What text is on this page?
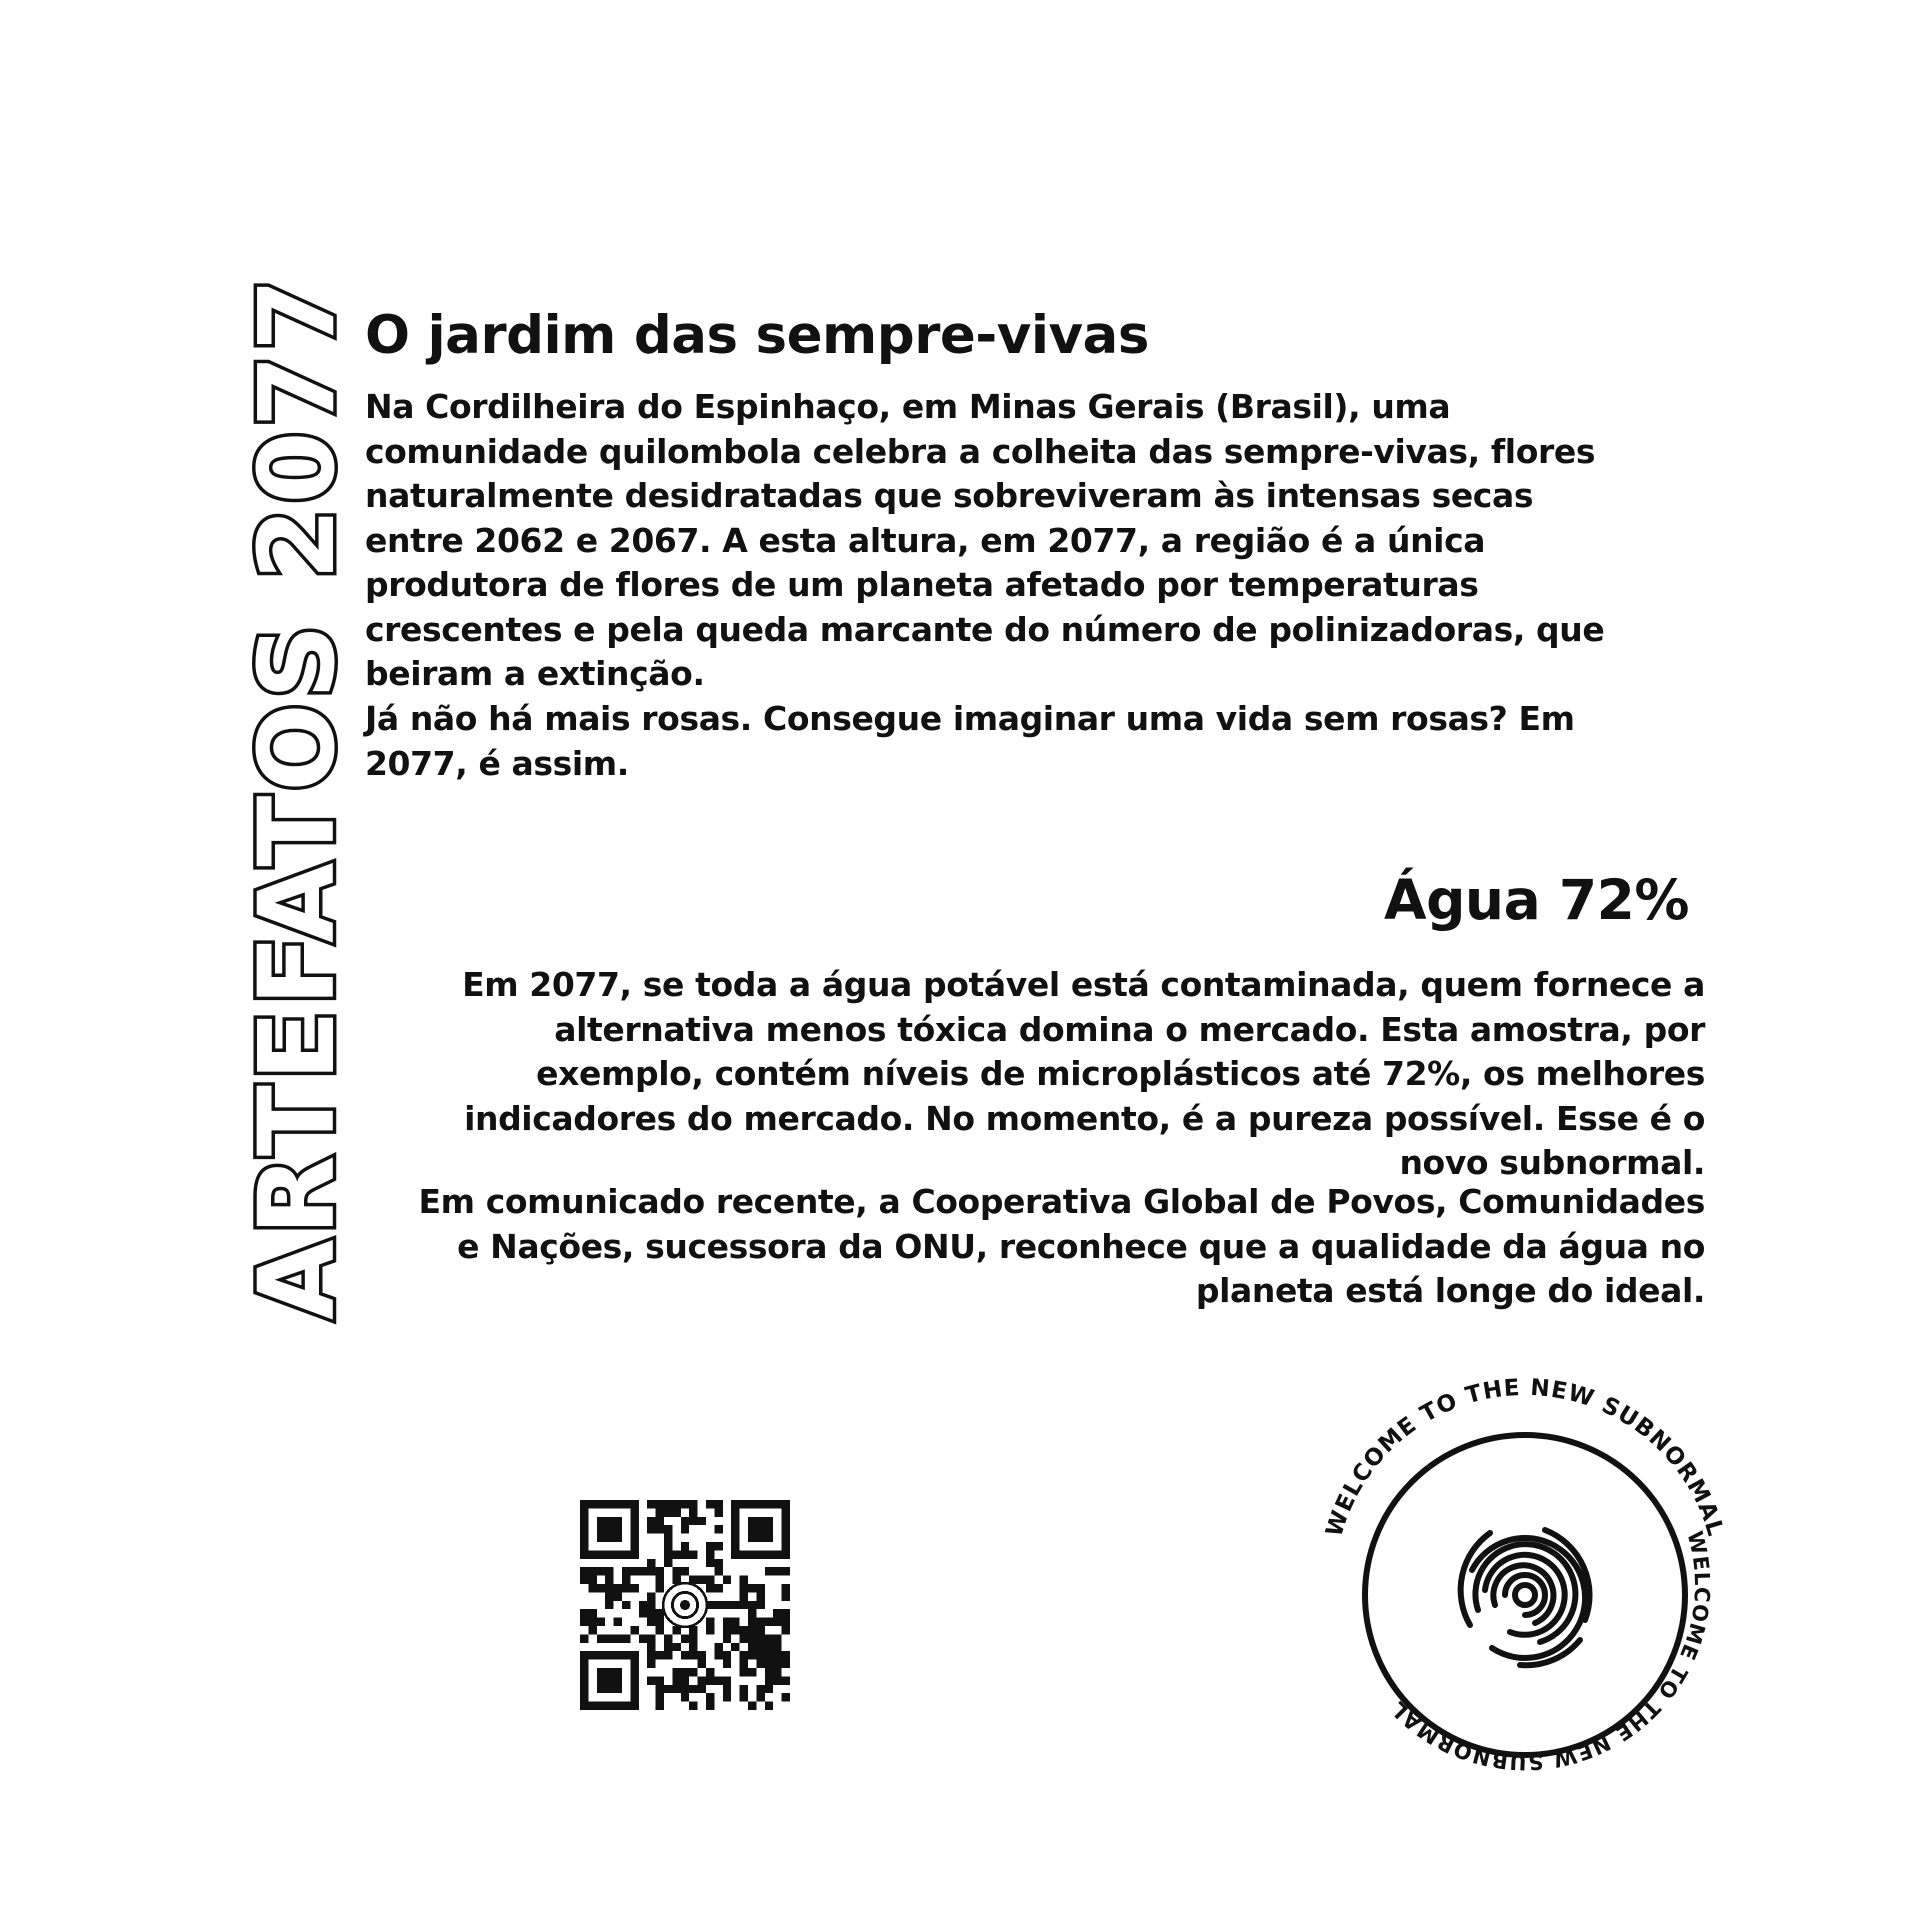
ARTEFATOS 2077 O jardim das sempre-vivas

Na Cordilheira do Espinhaço, em Minas Gerais (Brasil), uma comunidade quilombola celebra a colheita das sempre-vivas, flores naturalmente desidratadas que sobreviveram às intensas secas entre 2062 e 2067. A esta altura, em 2077, a região é a única produtora de flores de um planeta afetado por temperaturas crescentes e pela queda marcante do número de polinizadoras, que beiram a extinção.

Já não há mais rosas. Consegue imaginar uma vida sem rosas? Em 2077, é assim.

Água 72%

Em 2077, se toda a água potável está contaminada, quem fornece a alternativa menos tóxica domina o mercado. Esta amostra, por exemplo, contém níveis de microplásticos até 72%, os melhores indicadores do mercado. No momento, é a pureza possível. Esse é o novo subnormal.

Em comunicado recente, a Cooperativa Global de Povos, Comunidades e Nações, sucessora da ONU, reconhece que a qualidade da água no planeta está longe do ideal.

WELCOME TO THE NEW SUBNORMAL
WELCOME TO THE NEW SUBNORMAL
